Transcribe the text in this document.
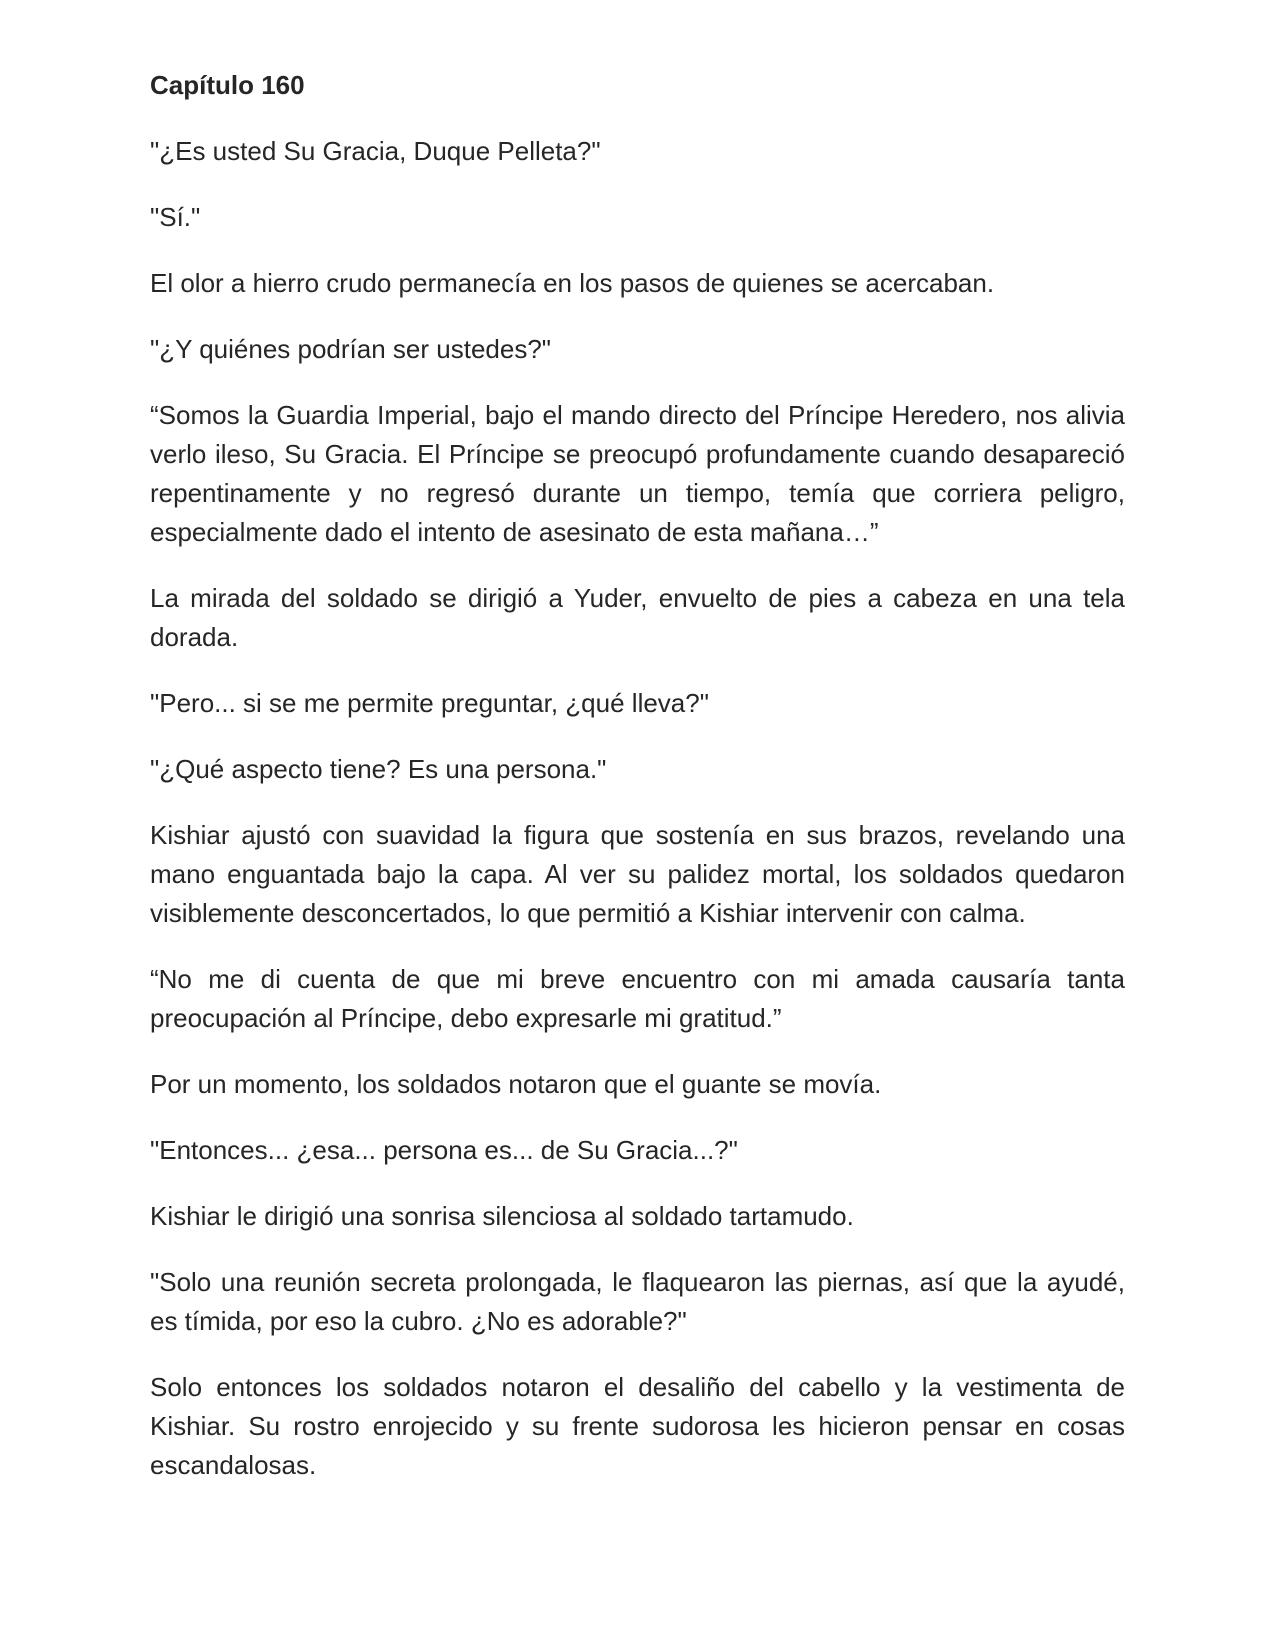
Capítulo 160

"¿Es usted Su Gracia, Duque Pelleta?"

"Sí."

El olor a hierro crudo permanecía en los pasos de quienes se acercaban.

"¿Y quiénes podrían ser ustedes?"

“Somos la Guardia Imperial, bajo el mando directo del Príncipe Heredero, nos alivia verlo ileso, Su Gracia. El Príncipe se preocupó profundamente cuando desapareció repentinamente y no regresó durante un tiempo, temía que corriera peligro, especialmente dado el intento de asesinato de esta mañana…”

La mirada del soldado se dirigió a Yuder, envuelto de pies a cabeza en una tela dorada.

"Pero... si se me permite preguntar, ¿qué lleva?"

"¿Qué aspecto tiene? Es una persona."

Kishiar ajustó con suavidad la figura que sostenía en sus brazos, revelando una mano enguantada bajo la capa. Al ver su palidez mortal, los soldados quedaron visiblemente desconcertados, lo que permitió a Kishiar intervenir con calma.

“No me di cuenta de que mi breve encuentro con mi amada causaría tanta preocupación al Príncipe, debo expresarle mi gratitud.”

Por un momento, los soldados notaron que el guante se movía.

"Entonces... ¿esa... persona es... de Su Gracia...?"

Kishiar le dirigió una sonrisa silenciosa al soldado tartamudo.

"Solo una reunión secreta prolongada, le flaquearon las piernas, así que la ayudé, es tímida, por eso la cubro. ¿No es adorable?"

Solo entonces los soldados notaron el desaliño del cabello y la vestimenta de Kishiar. Su rostro enrojecido y su frente sudorosa les hicieron pensar en cosas escandalosas.
